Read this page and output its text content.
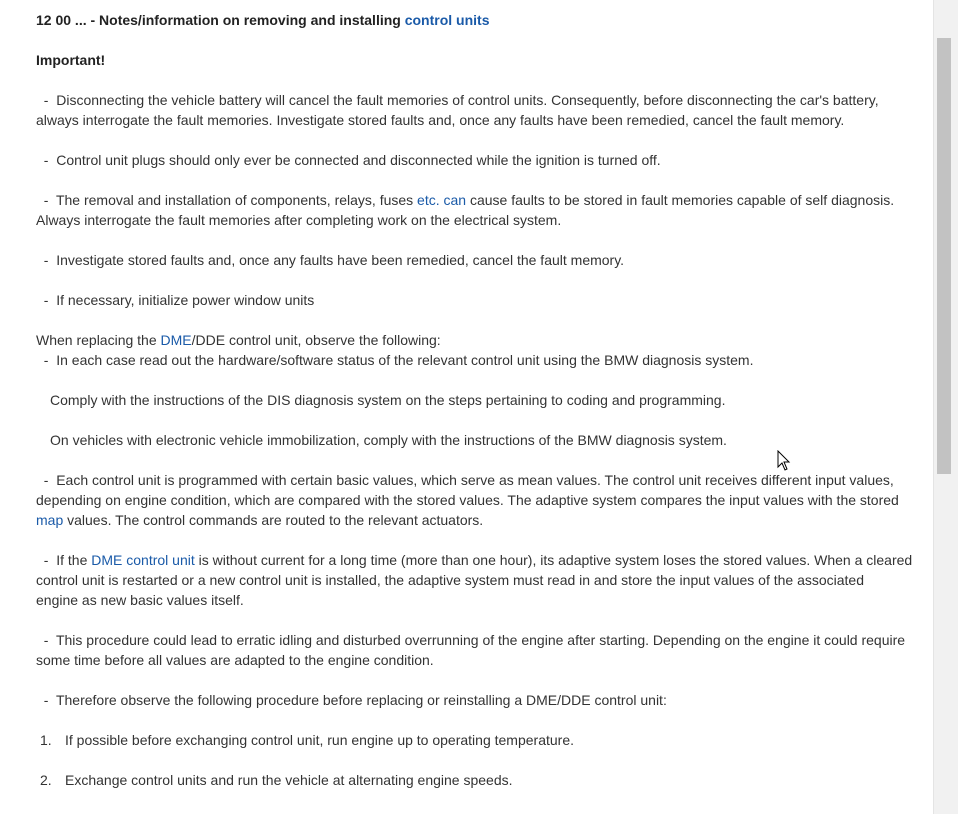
12 00 ... - Notes/information on removing and installing control units
Important!
-  Disconnecting the vehicle battery will cancel the fault memories of control units. Consequently, before disconnecting the car's battery,
always interrogate the fault memories. Investigate stored faults and, once any faults have been remedied, cancel the fault memory.
-  Control unit plugs should only ever be connected and disconnected while the ignition is turned off.
-  The removal and installation of components, relays, fuses etc. can cause faults to be stored in fault memories capable of self diagnosis.
Always interrogate the fault memories after completing work on the electrical system.
-  Investigate stored faults and, once any faults have been remedied, cancel the fault memory.
-  If necessary, initialize power window units
When replacing the DME/DDE control unit, observe the following:
-  In each case read out the hardware/software status of the relevant control unit using the BMW diagnosis system.
Comply with the instructions of the DIS diagnosis system on the steps pertaining to coding and programming.
On vehicles with electronic vehicle immobilization, comply with the instructions of the BMW diagnosis system.
-  Each control unit is programmed with certain basic values, which serve as mean values. The control unit receives different input values,
depending on engine condition, which are compared with the stored values. The adaptive system compares the input values with the stored
map values. The control commands are routed to the relevant actuators.
-  If the DME control unit is without current for a long time (more than one hour), its adaptive system loses the stored values. When a cleared
control unit is restarted or a new control unit is installed, the adaptive system must read in and store the input values of the associated
engine as new basic values itself.
-  This procedure could lead to erratic idling and disturbed overrunning of the engine after starting. Depending on the engine it could require
some time before all values are adapted to the engine condition.
-  Therefore observe the following procedure before replacing or reinstalling a DME/DDE control unit:
1. If possible before exchanging control unit, run engine up to operating temperature.
2. Exchange control units and run the vehicle at alternating engine speeds.
